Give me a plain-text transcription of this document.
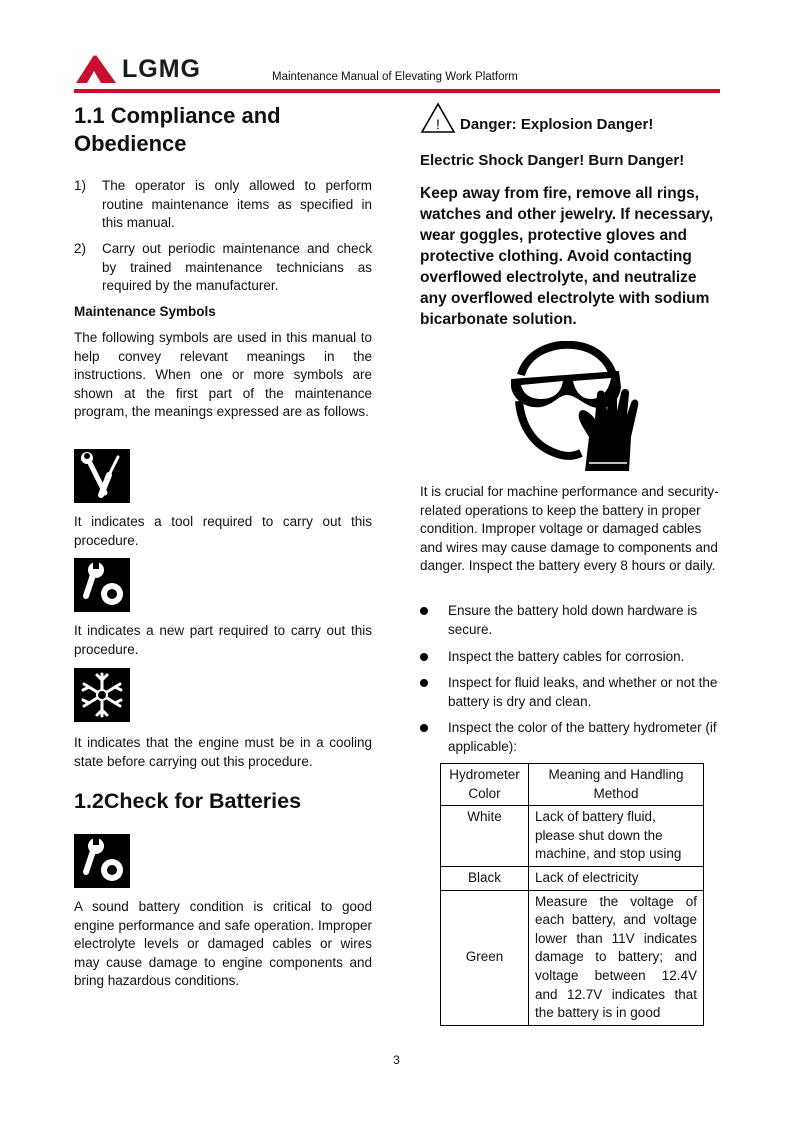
LGMG	Maintenance Manual of Elevating Work Platform
1.1 Compliance and
Obedience
1) The operator is only allowed to perform routine maintenance items as specified in this manual.
2) Carry out periodic maintenance and check by trained maintenance technicians as required by the manufacturer.
Maintenance Symbols
The following symbols are used in this manual to help convey relevant meanings in the instructions. When one or more symbols are shown at the first part of the maintenance program, the meanings expressed are as follows.
It indicates a tool required to carry out this procedure.
It indicates a new part required to carry out this procedure.
It indicates that the engine must be in a cooling state before carrying out this procedure.
1.2Check for Batteries
A sound battery condition is critical to good engine performance and safe operation. Improper electrolyte levels or damaged cables or wires may cause damage to engine components and bring hazardous conditions.
! Danger: Explosion Danger!
Electric Shock Danger! Burn Danger!
Keep away from fire, remove all rings, watches and other jewelry. If necessary, wear goggles, protective gloves and protective clothing. Avoid contacting overflowed electrolyte, and neutralize any overflowed electrolyte with sodium bicarbonate solution.
It is crucial for machine performance and security-related operations to keep the battery in proper condition. Improper voltage or damaged cables and wires may cause damage to components and danger. Inspect the battery every 8 hours or daily.
Ensure the battery hold down hardware is secure.
Inspect the battery cables for corrosion.
Inspect for fluid leaks, and whether or not the battery is dry and clean.
Inspect the color of the battery hydrometer (if applicable):
Hydrometer Color	Meaning and Handling Method
White	Lack of battery fluid, please shut down the machine, and stop using
Black	Lack of electricity
Green	Measure the voltage of each battery, and voltage lower than 11V indicates damage to battery; and voltage between 12.4V and 12.7V indicates that the battery is in good
3
